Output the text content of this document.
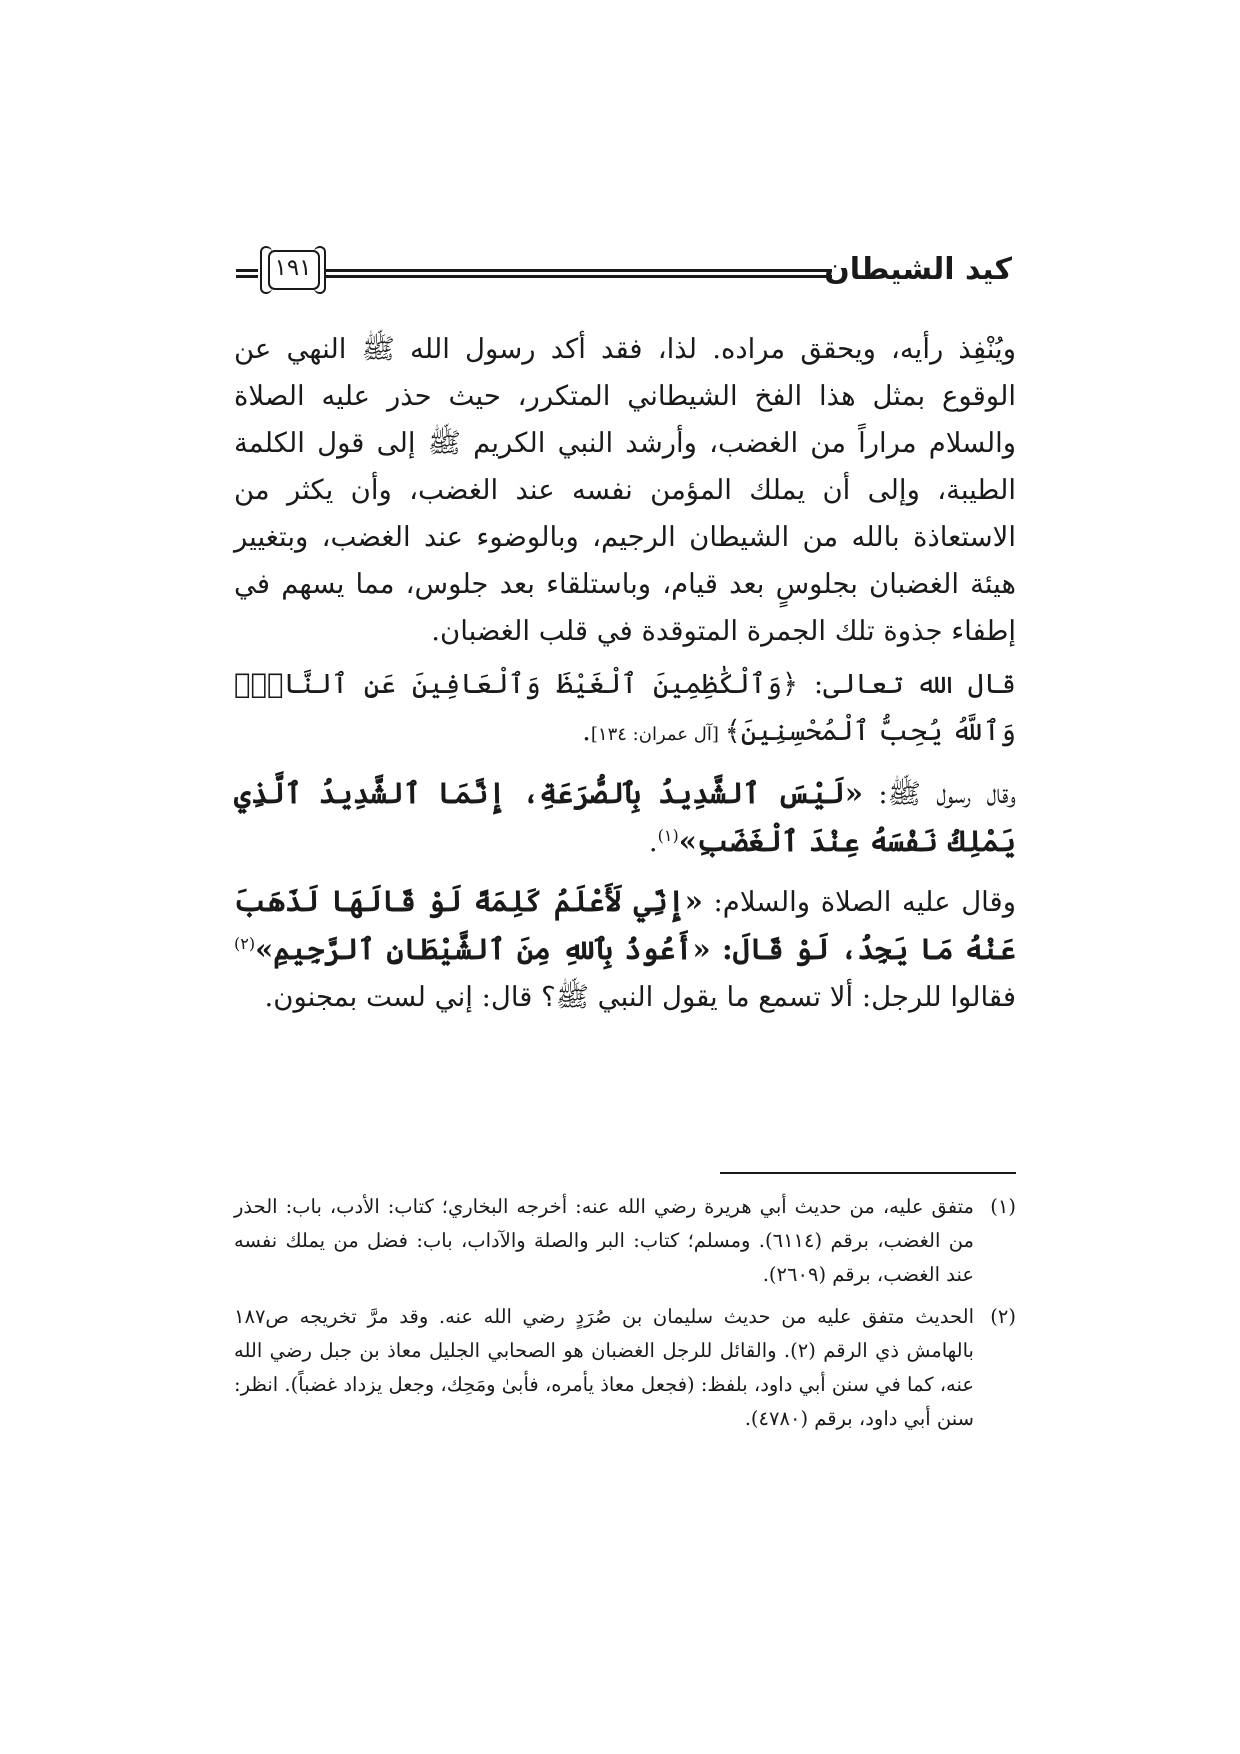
كيد الشيطان
١٩١

ويُنْفِذ رأيه، ويحقق مراده. لذا، فقد أكد رسول الله ﷺ النهي عن الوقوع بمثل هذا الفخ الشيطاني المتكرر، حيث حذر عليه الصلاة والسلام مراراً من الغضب، وأرشد النبي الكريم ﷺ إلى قول الكلمة الطيبة، وإلى أن يملك المؤمن نفسه عند الغضب، وأن يكثر من الاستعاذة بالله من الشيطان الرجيم، وبالوضوء عند الغضب، وبتغيير هيئة الغضبان بجلوسٍ بعد قيام، وباستلقاء بعد جلوس، مما يسهم في إطفاء جذوة تلك الجمرة المتوقدة في قلب الغضبان.

قال الله تعالى: ﴿وَٱلْكَٰظِمِينَ ٱلْغَيْظَ وَٱلْعَافِينَ عَنِ ٱلنَّاسِۗ وَٱللَّهُ يُحِبُّ ٱلْمُحْسِنِينَ﴾ [آل عمران: ١٣٤].

وقال رسول ﷺ: «لَيْسَ ٱلشَّدِيدُ بِٱلصُّرَعَةِ، إِنَّمَا ٱلشَّدِيدُ ٱلَّذِي يَمْلِكُ نَفْسَهُ عِنْدَ ٱلْغَضَبِ»$^{(١)}$.

وقال عليه الصلاة والسلام: «إِنِّي لَأَعْلَمُ كَلِمَةً لَوْ قَالَهَا لَذَهَبَ عَنْهُ مَا يَجِدُ، لَوْ قَالَ: «أَعُوذُ بِٱللهِ مِنَ ٱلشَّيْطَانِ ٱلرَّجِيمِ»$^{(٢)}$ فقالوا للرجل: ألا تسمع ما يقول النبي ﷺ؟ قال: إني لست بمجنون.

(١)
متفق عليه، من حديث أبي هريرة رضي الله عنه: أخرجه البخاري؛ كتاب: الأدب، باب: الحذر من الغضب، برقم (٦١١٤). ومسلم؛ كتاب: البر والصلة والآداب، باب: فضل من يملك نفسه عند الغضب، برقم (٢٦٠٩).
(٢)
الحديث متفق عليه من حديث سليمان بن صُرَدٍ رضي الله عنه. وقد مرَّ تخريجه ص١٨٧ بالهامش ذي الرقم (٢). والقائل للرجل الغضبان هو الصحابي الجليل معاذ بن جبل رضي الله عنه، كما في سنن أبي داود، بلفظ: (فجعل معاذ يأمره، فأبىٰ ومَحِك، وجعل يزداد غضباً). انظر: سنن أبي داود، برقم (٤٧٨٠).
